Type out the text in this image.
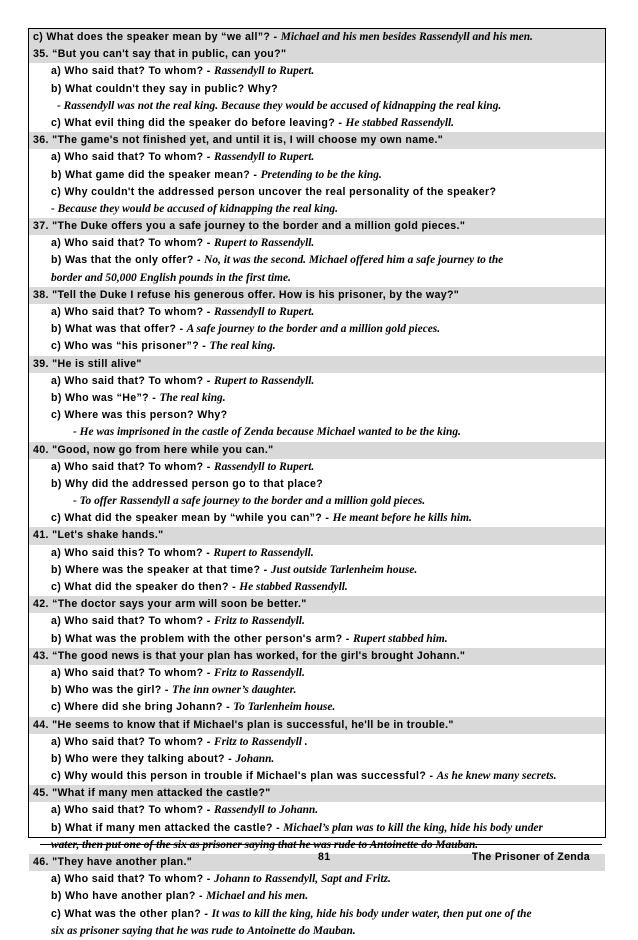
c) What does the speaker mean by “we all”? - Michael and his men besides Rassendyll and his men.
35. “But you can't say that in public, can you?"
a) Who said that? To whom? - Rassendyll to Rupert.
b) What couldn't they say in public? Why?
- Rassendyll was not the real king. Because they would be accused of kidnapping the real king.
c) What evil thing did the speaker do before leaving? - He stabbed Rassendyll.
36. "The game's not finished yet, and until it is, I will choose my own name."
a) Who said that? To whom? - Rassendyll to Rupert.
b) What game did the speaker mean? - Pretending to be the king.
c) Why couldn't the addressed person uncover the real personality of the speaker?
- Because they would be accused of kidnapping the real king.
37. "The Duke offers you a safe journey to the border and a million gold pieces."
a) Who said that? To whom? - Rupert to Rassendyll.
b) Was that the only offer? - No, it was the second. Michael offered him a safe journey to the
border and 50,000 English pounds in the first time.
38. "Tell the Duke I refuse his generous offer. How is his prisoner, by the way?"
a) Who said that? To whom? - Rassendyll to Rupert.
b) What was that offer? - A safe journey to the border and a million gold pieces.
c) Who was “his prisoner”? - The real king.
39. "He is still alive"
a) Who said that? To whom? - Rupert to Rassendyll.
b) Who was “He”? - The real king.
c) Where was this person? Why?
- He was imprisoned in the castle of Zenda because Michael wanted to be the king.
40. "Good, now go from here while you can."
a) Who said that? To whom? - Rassendyll to Rupert.
b) Why did the addressed person go to that place?
- To offer Rassendyll a safe journey to the border and a million gold pieces.
c) What did the speaker mean by “while you can”? - He meant before he kills him.
41. "Let's shake hands."
a) Who said this? To whom? - Rupert to Rassendyll.
b) Where was the speaker at that time? - Just outside Tarlenheim house.
c) What did the speaker do then? - He stabbed Rassendyll.
42. “The doctor says your arm will soon be better."
a) Who said that? To whom? - Fritz to Rassendyll.
b) What was the problem with the other person's arm? - Rupert stabbed him.
43. “The good news is that your plan has worked, for the girl's brought Johann."
a) Who said that? To whom? - Fritz to Rassendyll.
b) Who was the girl? - The inn owner’s daughter.
c) Where did she bring Johann? - To Tarlenheim house.
44. "He seems to know that if Michael's plan is successful, he'll be in trouble."
a) Who said that? To whom? - Fritz to Rassendyll .
b) Who were they talking about? - Johann.
c) Why would this person in trouble if Michael's plan was successful? - As he knew many secrets.
45. "What if many men attacked the castle?"
a) Who said that? To whom? - Rassendyll to Johann.
b) What if many men attacked the castle? - Michael’s plan was to kill the king, hide his body under
water, then put one of the six as prisoner saying that he was rude to Antoinette do Mauban.
46. "They have another plan."
a) Who said that? To whom? - Johann to Rassendyll, Sapt and Fritz.
b) Who have another plan? - Michael and his men.
c) What was the other plan? - It was to kill the king, hide his body under water, then put one of the
six as prisoner saying that he was rude to Antoinette do Mauban.
81	The Prisoner of Zenda
